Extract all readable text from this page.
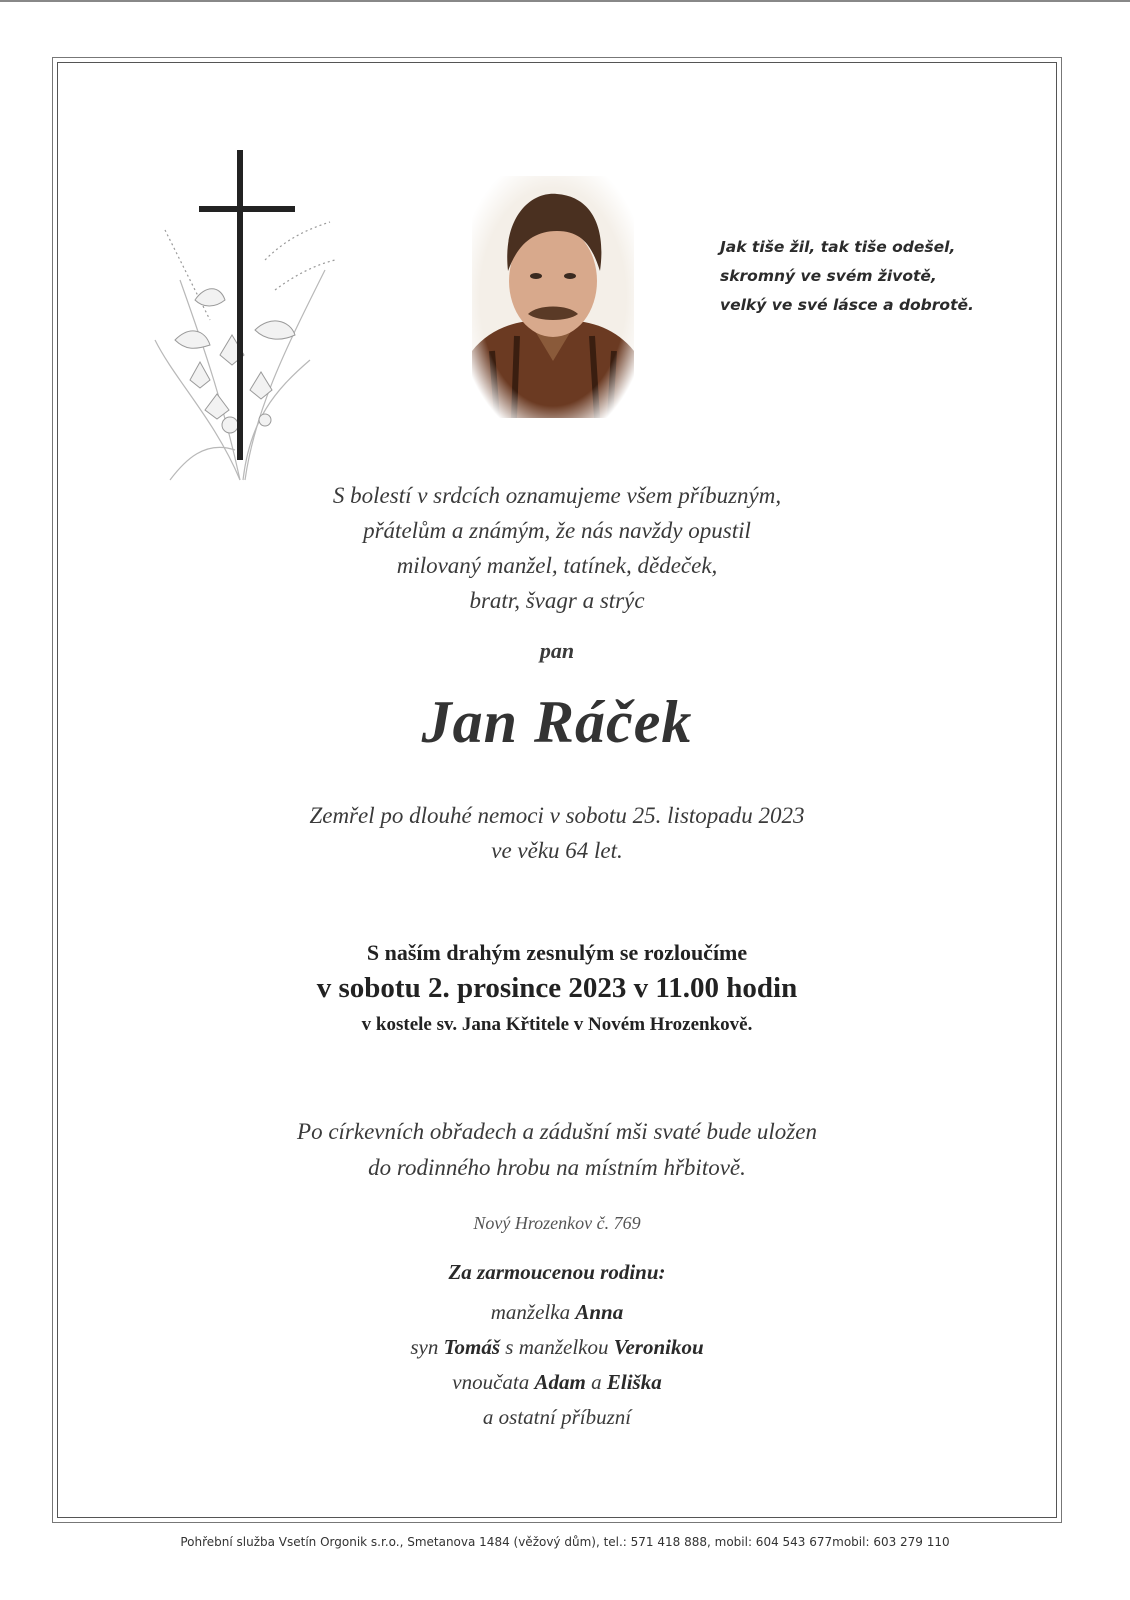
Jak tiše žil, tak tiše odešel,
skromný ve svém životě,
velký ve své lásce a dobrotě.
S bolestí v srdcích oznamujeme všem příbuzným,
přátelům a známým, že nás navždy opustil
milovaný manžel, tatínek, dědeček,
bratr, švagr a strýc
pan
Jan Ráček
Zemřel po dlouhé nemoci v sobotu 25. listopadu 2023
ve věku 64 let.
S naším drahým zesnulým se rozloučíme
v sobotu 2. prosince 2023 v 11.00 hodin
v kostele sv. Jana Křtitele v Novém Hrozenkově.
Po církevních obřadech a zádušní mši svaté bude uložen
do rodinného hrobu na místním hřbitově.
Nový Hrozenkov č. 769
Za zarmoucenou rodinu:
manželka Anna
syn Tomáš s manželkou Veronikou
vnoučata Adam a Eliška
a ostatní příbuzní
Pohřební služba Vsetín Orgonik s.r.o., Smetanova 1484 (věžový dům), tel.: 571 418 888, mobil: 604 543 677mobil: 603 279 110
